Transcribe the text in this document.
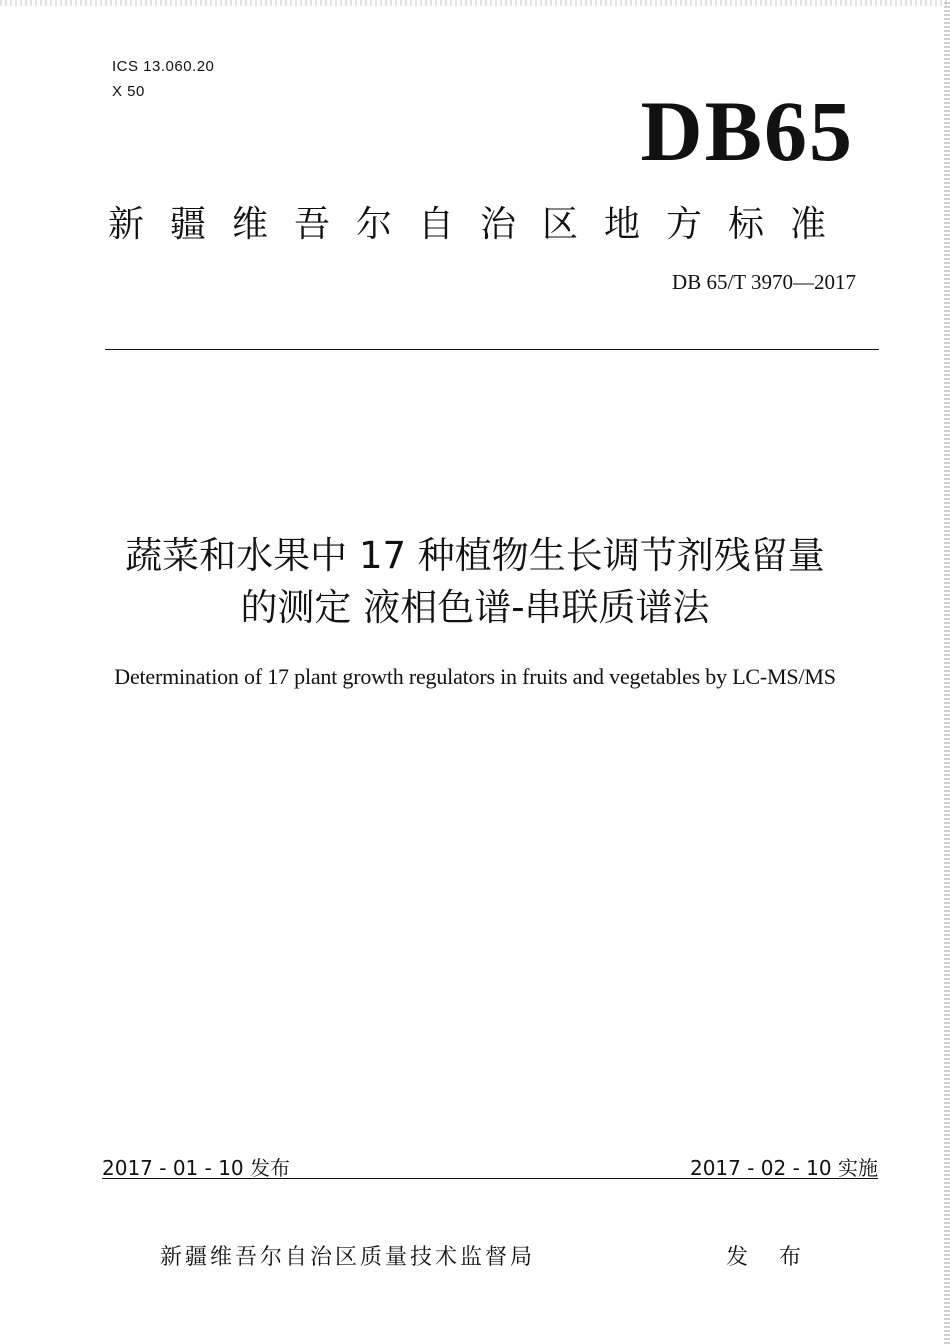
ICS 13.060.20
X 50	DB65
新疆维吾尔自治区地方标准
DB 65/T 3970—2017
蔬菜和水果中 17 种植物生长调节剂残留量
的测定 液相色谱-串联质谱法
Determination of 17 plant growth regulators in fruits and vegetables by LC-MS/MS
2017 - 01 - 10 发布	2017 - 02 - 10 实施
新疆维吾尔自治区质量技术监督局	发 布
